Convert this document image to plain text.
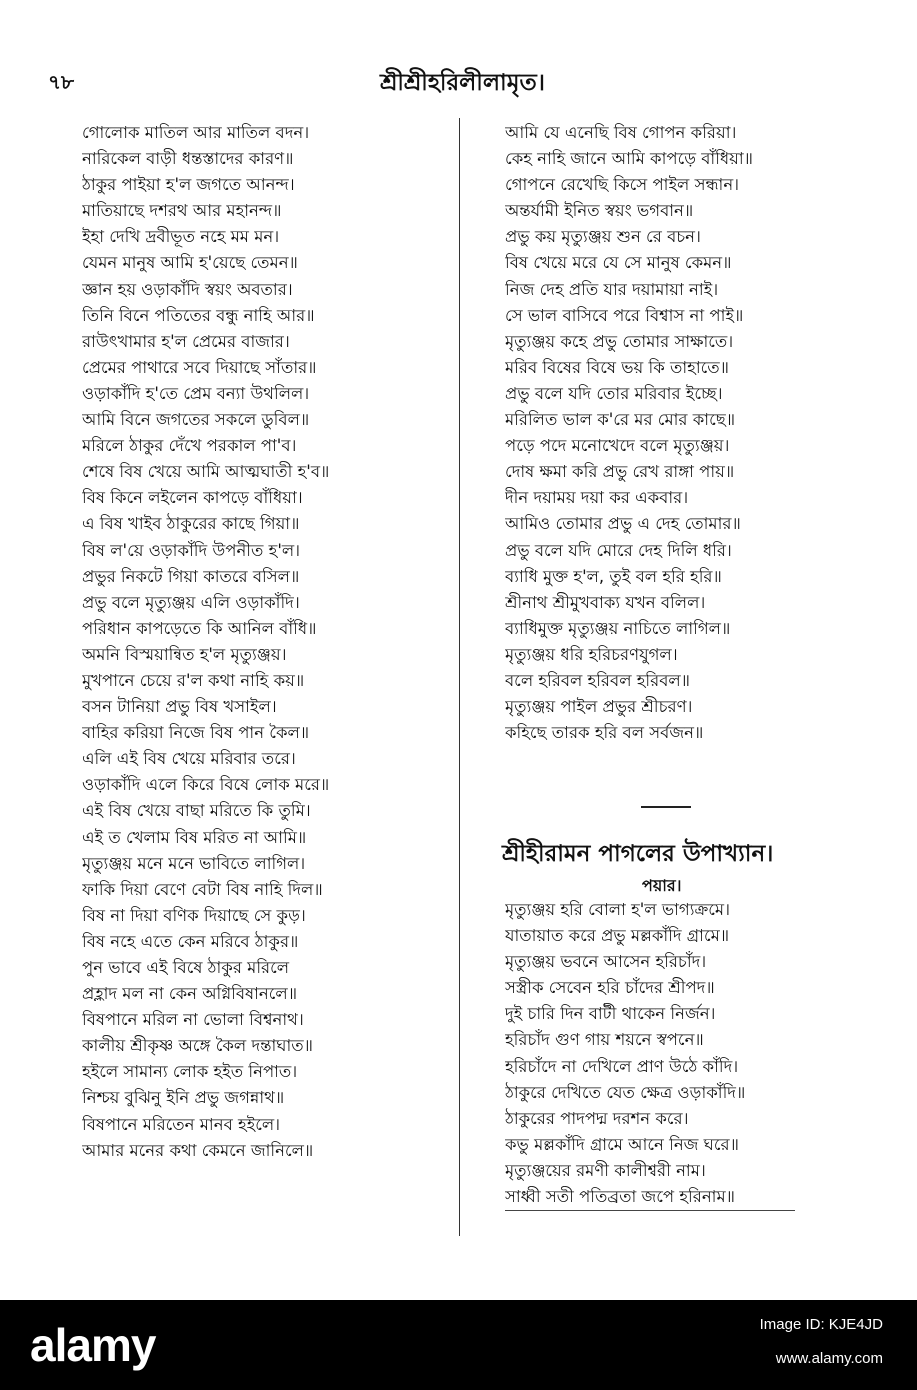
৭৮	শ্রীশ্রীহরিলীলামৃত।
গোলোক মাতিল আর মাতিল বদন।
নারিকেল বাড়ী ধন্তস্তাদের কারণ॥
ঠাকুর পাইয়া হ'ল জগতে আনন্দ।
মাতিয়াছে দশরথ আর মহানন্দ॥
ইহা দেখি দ্রবীভূত নহে মম মন।
যেমন মানুষ আমি হ'য়েছে তেমন॥
জ্ঞান হয় ওড়াকাঁদি স্বয়ং অবতার।
তিনি বিনে পতিতের বন্ধু নাহি আর॥
রাউৎখামার হ'ল প্রেমের বাজার।
প্রেমের পাথারে সবে দিয়াছে সাঁতার॥
ওড়াকাঁদি হ'তে প্রেম বন্যা উথলিল।
আমি বিনে জগতের সকলে ডুবিল॥
মরিলে ঠাকুর দেঁখে পরকাল পা'ব।
শেষে বিষ খেয়ে আমি আত্মঘাতী হ'ব॥
বিষ কিনে লইলেন কাপড়ে বাঁধিয়া।
এ বিষ খাইব ঠাকুরের কাছে গিয়া॥
বিষ ল'য়ে ওড়াকাঁদি উপনীত হ'ল।
প্রভুর নিকটে গিয়া কাতরে বসিল॥
প্রভু বলে মৃত্যুঞ্জয় এলি ওড়াকাঁদি।
পরিধান কাপড়েতে কি আনিল বাঁধি॥
অমনি বিস্ময়ান্বিত হ'ল মৃত্যুঞ্জয়।
মুখপানে চেয়ে র'ল কথা নাহি কয়॥
বসন টানিয়া প্রভু বিষ খসাইল।
বাহির করিয়া নিজে বিষ পান কৈল॥
এলি এই বিষ খেয়ে মরিবার তরে।
ওড়াকাঁদি এলে কিরে বিষে লোক মরে॥
এই বিষ খেয়ে বাছা মরিতে কি তুমি।
এই ত খেলাম বিষ মরিত না আমি॥
মৃত্যুঞ্জয় মনে মনে ভাবিতে লাগিল।
ফাকি দিয়া বেণে বেটা বিষ নাহি দিল॥
বিষ না দিয়া বণিক দিয়াছে সে কুড়।
বিষ নহে এতে কেন মরিবে ঠাকুর॥
পুন ভাবে এই বিষে ঠাকুর মরিলে
প্রহ্লাদ মল না কেন অগ্নিবিষানলে॥
বিষপানে মরিল না ভোলা বিশ্বনাথ।
কালীয় শ্রীকৃষ্ণ অঙ্গে কৈল দন্তাঘাত॥
হইলে সামান্য লোক হইত নিপাত।
নিশ্চয় বুঝিনু ইনি প্রভু জগন্নাথ॥
বিষপানে মরিতেন মানব হইলে।
আমার মনের কথা কেমনে জানিলে॥
আমি যে এনেছি বিষ গোপন করিয়া।
কেহ নাহি জানে আমি কাপড়ে বাঁধিয়া॥
গোপনে রেখেছি কিসে পাইল সন্ধান।
অন্তর্যামী ইনিত স্বয়ং ভগবান॥
প্রভু কয় মৃত্যুঞ্জয় শুন রে বচন।
বিষ খেয়ে মরে যে সে মানুষ কেমন॥
নিজ দেহ প্রতি যার দয়ামায়া নাই।
সে ভাল বাসিবে পরে বিশ্বাস না পাই॥
মৃত্যুঞ্জয় কহে প্রভু তোমার সাক্ষাতে।
মরিব বিষের বিষে ভয় কি তাহাতে॥
প্রভু বলে যদি তোর মরিবার ইচ্ছে।
মরিলিত ভাল ক'রে মর মোর কাছে॥
পড়ে পদে মনোখেদে বলে মৃত্যুঞ্জয়।
দোষ ক্ষমা করি প্রভু রেখ রাঙ্গা পায়॥
দীন দয়াময় দয়া কর একবার।
আমিও তোমার প্রভু এ দেহ তোমার॥
প্রভু বলে যদি মোরে দেহ দিলি ধরি।
ব্যাধি মুক্ত হ'ল, তুই বল হরি হরি॥
শ্রীনাথ শ্রীমুখবাক্য যখন বলিল।
ব্যাধিমুক্ত মৃত্যুঞ্জয় নাচিতে লাগিল॥
মৃত্যুঞ্জয় ধরি হরিচরণযুগল।
বলে হরিবল হরিবল হরিবল॥
মৃত্যুঞ্জয় পাইল প্রভুর শ্রীচরণ।
কহিছে তারক হরি বল সর্বজন॥
শ্রীহীরামন পাগলের উপাখ্যান।
পয়ার।
মৃত্যুঞ্জয় হরি বোলা হ'ল ভাগ্যক্রমে।
যাতায়াত করে প্রভু মল্লকাঁদি গ্রামে॥
মৃত্যুঞ্জয় ভবনে আসেন হরিচাঁদ।
সস্ত্রীক সেবেন হরি চাঁদের শ্রীপদ॥
দুই চারি দিন বাটী থাকেন নির্জন।
হরিচাঁদ গুণ গায় শয়নে স্বপনে॥
হরিচাঁদে না দেখিলে প্রাণ উঠে কাঁদি।
ঠাকুরে দেখিতে যেত ক্ষেত্র ওড়াকাঁদি॥
ঠাকুরের পাদপদ্ম দরশন করে।
কভু মল্লকাঁদি গ্রামে আনে নিজ ঘরে॥
মৃত্যুঞ্জয়ের রমণী কালীশ্বরী নাম।
সাধ্বী সতী পতিব্রতা জপে হরিনাম॥
alamy	Image ID: KJE4JD
www.alamy.com
